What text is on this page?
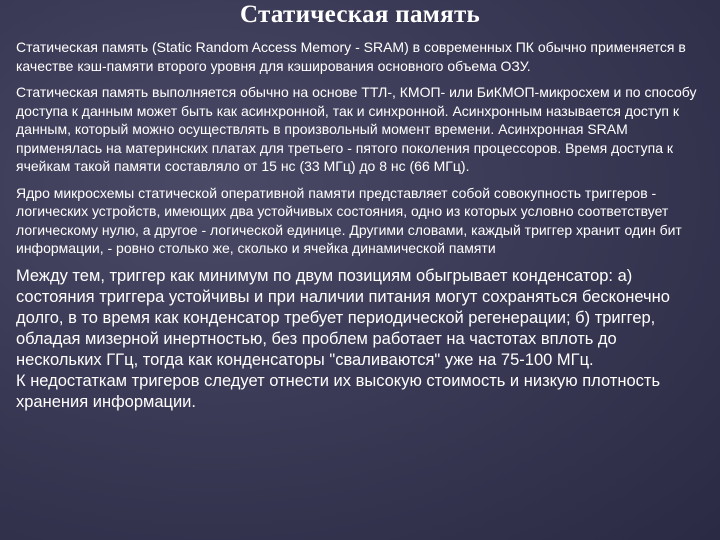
Статическая память

Статическая память (Static Random Access Memory - SRAM) в современных ПК обычно применяется в качестве кэш-памяти второго уровня для кэширования основного объема ОЗУ.

Статическая память выполняется обычно на основе ТТЛ-, КМОП- или БиКМОП-микросхем и по способу доступа к данным может быть как асинхронной, так и синхронной. Асинхронным называется доступ к данным, который можно осуществлять в произвольный момент времени. Асинхронная SRAM применялась на материнских платах для третьего - пятого поколения процессоров. Время доступа к ячейкам такой памяти составляло от 15 нс (33 МГц) до 8 нс (66 МГц).

Ядро микросхемы статической оперативной памяти представляет собой совокупность триггеров - логических устройств, имеющих два устойчивых состояния, одно из которых условно соответствует логическому нулю, а другое - логической единице. Другими словами, каждый триггер хранит один бит информации, - ровно столько же, сколько и ячейка динамической памяти

Между тем, триггер как минимум по двум позициям обыгрывает конденсатор: а) состояния триггера устойчивы и при наличии питания могут сохраняться бесконечно долго, в то время как конденсатор требует периодической регенерации; б) триггер, обладая мизерной инертностью, без проблем работает на частотах вплоть до нескольких ГГц, тогда как конденсаторы "сваливаются" уже на 75-100 МГц.

К недостаткам тригеров следует отнести их высокую стоимость и низкую плотность хранения информации.
